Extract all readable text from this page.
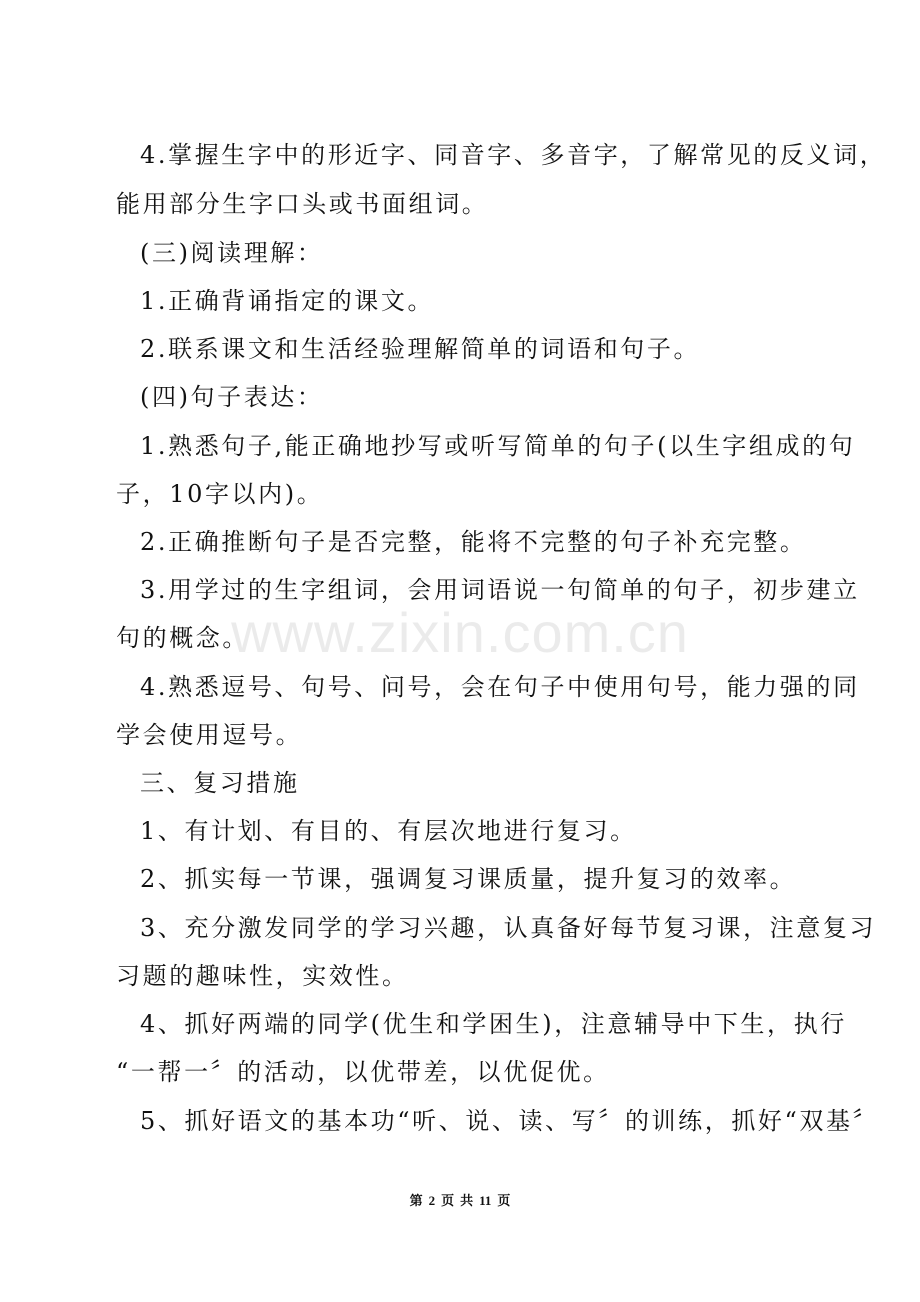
4.掌握生字中的形近字、同音字、多音字，了解常见的反义词，
能用部分生字口头或书面组词。
(三)阅读理解：
1.正确背诵指定的课文。
2.联系课文和生活经验理解简单的词语和句子。
(四)句子表达：
1.熟悉句子,能正确地抄写或听写简单的句子(以生字组成的句
子，10字以内)。
2.正确推断句子是否完整，能将不完整的句子补充完整。
3.用学过的生字组词，会用词语说一句简单的句子，初步建立
句的概念。
4.熟悉逗号、句号、问号，会在句子中使用句号，能力强的同
学会使用逗号。
三、复习措施
1、有计划、有目的、有层次地进行复习。
2、抓实每一节课，强调复习课质量，提升复习的效率。
3、充分激发同学的学习兴趣，认真备好每节复习课，注意复习
习题的趣味性，实效性。
4、抓好两端的同学(优生和学困生)，注意辅导中下生，执行
“一帮一〞的活动，以优带差，以优促优。
5、抓好语文的基本功“听、说、读、写〞的训练，抓好“双基〞
www.zixin.com.cn
第 2 页 共 11 页
